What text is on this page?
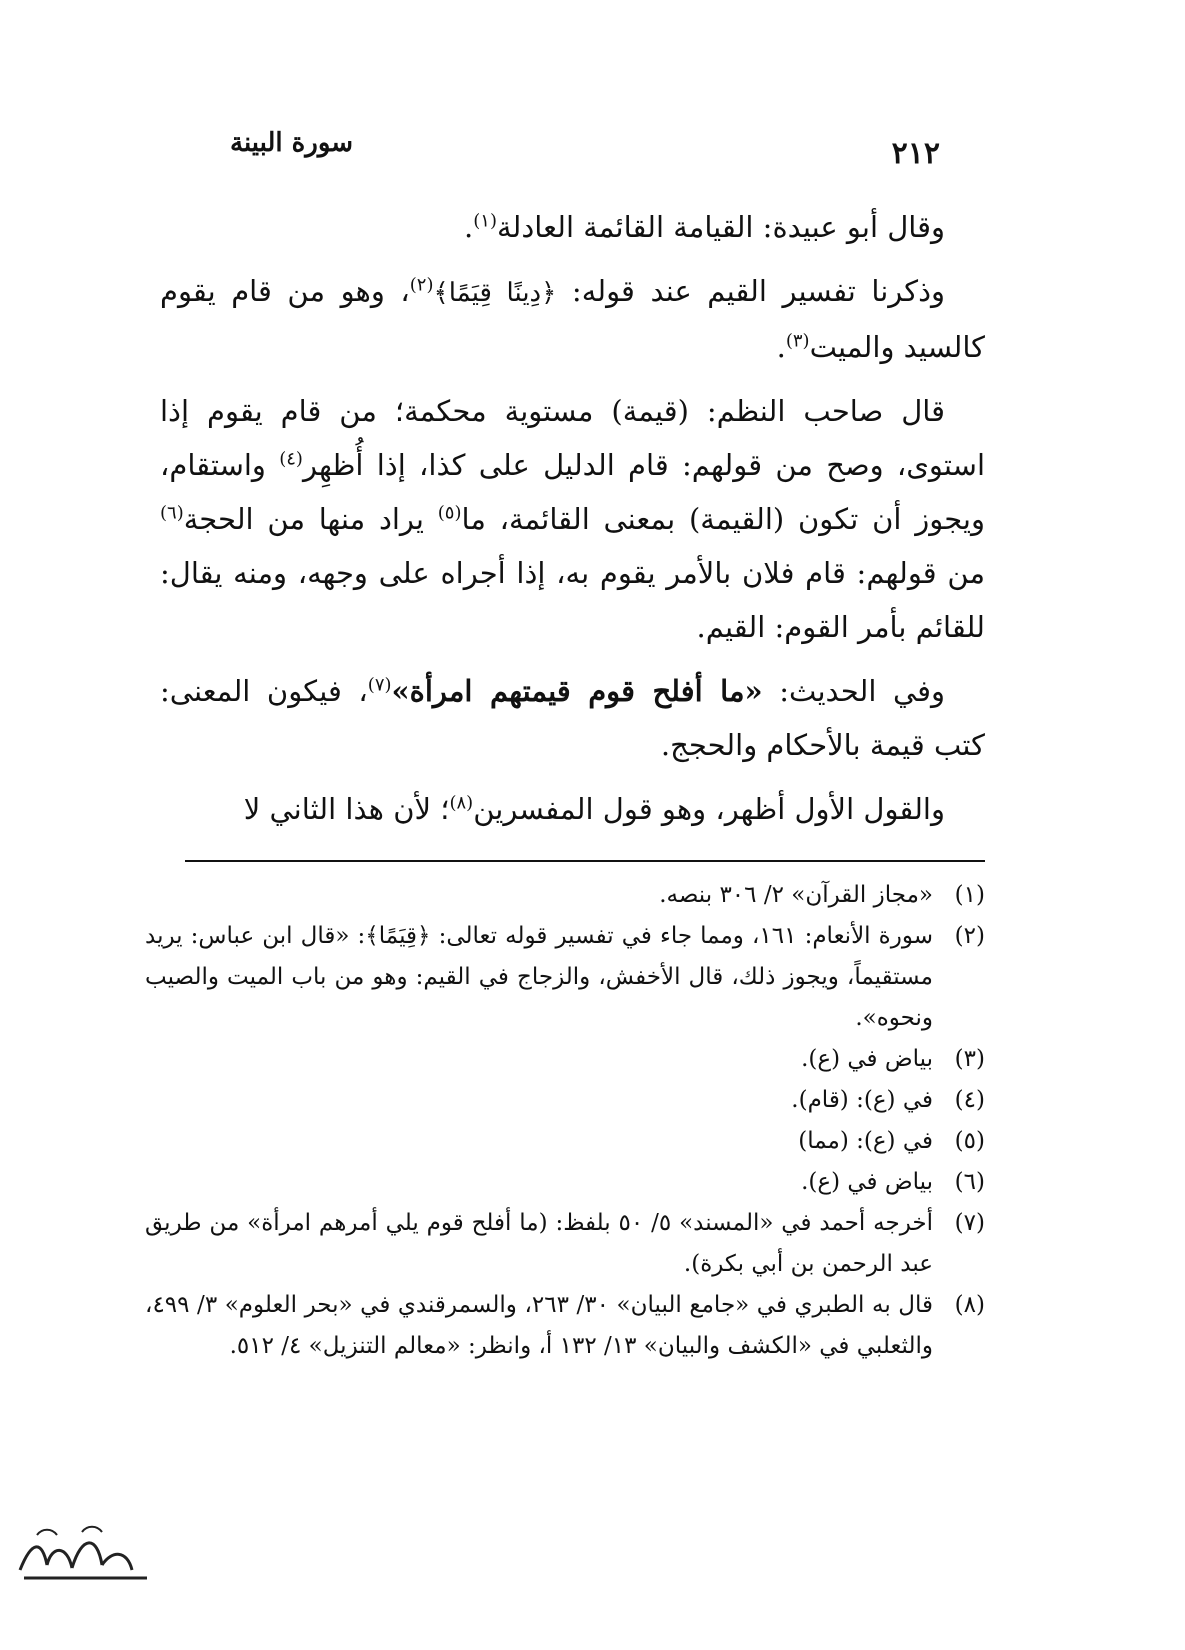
٢١٢
سورة البينة

وقال أبو عبيدة: القيامة القائمة العادلة$^{(١)}$.

وذكرنا تفسير القيم عند قوله: ﴿دِينًا قِيَمًا﴾$^{(٢)}$، وهو من قام يقوم كالسيد والميت$^{(٣)}$.

قال صاحب النظم: (قيمة) مستوية محكمة؛ من قام يقوم إذا استوى، وصح من قولهم: قام الدليل على كذا، إذا أُظهِر$^{(٤)}$ واستقام، ويجوز أن تكون (القيمة) بمعنى القائمة، ما$^{(٥)}$ يراد منها من الحجة$^{(٦)}$ من قولهم: قام فلان بالأمر يقوم به، إذا أجراه على وجهه، ومنه يقال: للقائم بأمر القوم: القيم.

وفي الحديث: «ما أفلح قوم قيمتهم امرأة»$^{(٧)}$، فيكون المعنى: كتب قيمة بالأحكام والحجج.

والقول الأول أظهر، وهو قول المفسرين$^{(٨)}$؛ لأن هذا الثاني لا

(١)
«مجاز القرآن» ٢/ ٣٠٦ بنصه.
(٢)
سورة الأنعام: ١٦١، ومما جاء في تفسير قوله تعالى: ﴿قِيَمًا﴾: «قال ابن عباس: يريد مستقيماً، ويجوز ذلك، قال الأخفش، والزجاج في القيم: وهو من باب الميت والصيب ونحوه».
(٣)
بياض في (ع).
(٤)
في (ع): (قام).
(٥)
في (ع): (مما)
(٦)
بياض في (ع).
(٧)
أخرجه أحمد في «المسند» ٥/ ٥٠ بلفظ: (ما أفلح قوم يلي أمرهم امرأة» من طريق عبد الرحمن بن أبي بكرة).
(٨)
قال به الطبري في «جامع البيان» ٣٠/ ٢٦٣، والسمرقندي في «بحر العلوم» ٣/ ٤٩٩، والثعلبي في «الكشف والبيان» ١٣/ ١٣٢ أ، وانظر: «معالم التنزيل» ٤/ ٥١٢.
